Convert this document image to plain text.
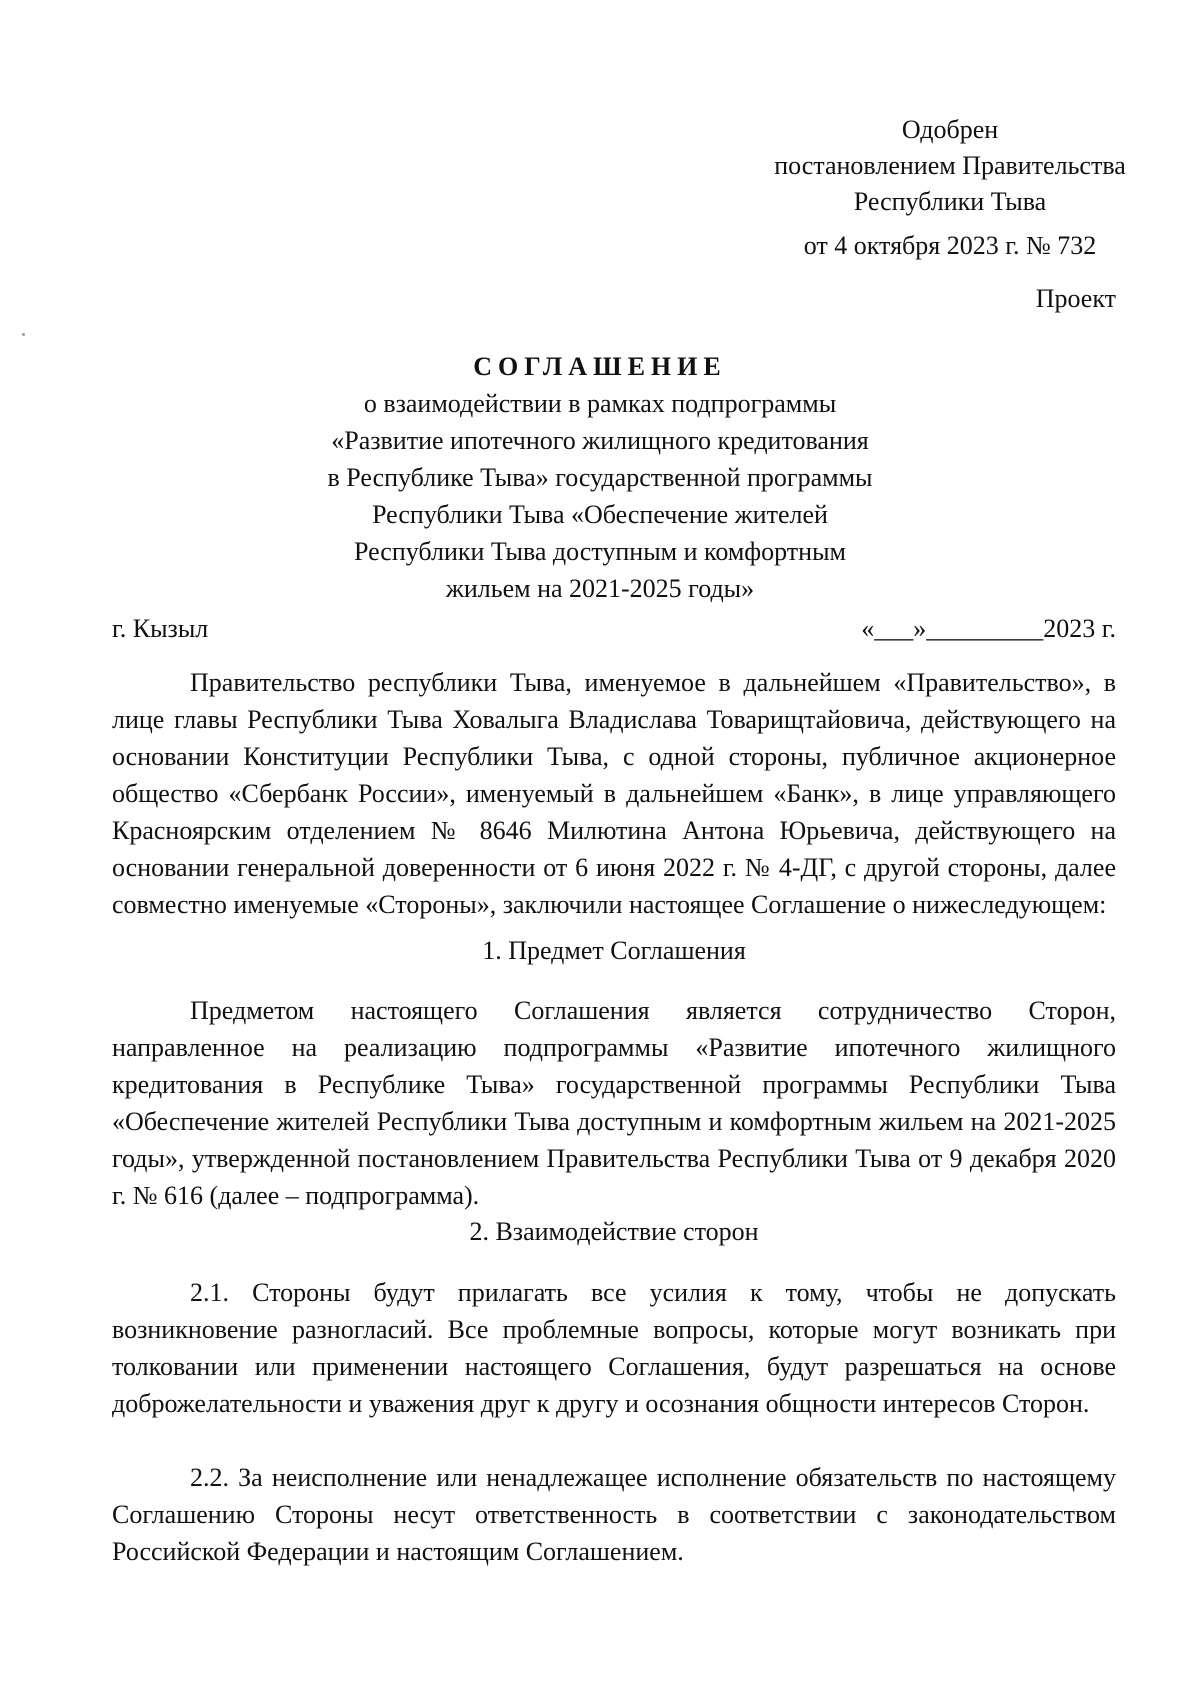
Одобрен
постановлением Правительства
Республики Тыва
от 4 октября 2023 г. № 732
Проект
СОГЛАШЕНИЕ
о взаимодействии в рамках подпрограммы
«Развитие ипотечного жилищного кредитования
в Республике Тыва» государственной программы
Республики Тыва «Обеспечение жителей
Республики Тыва доступным и комфортным
жильем на 2021-2025 годы»
г. Кызыл	«___»_________2023 г.

Правительство республики Тыва, именуемое в дальнейшем «Правительство», в лице главы Республики Тыва Ховалыга Владислава Товарищтайовича, действующего на основании Конституции Республики Тыва, с одной стороны, публичное акционерное общество «Сбербанк России», именуемый в дальнейшем «Банк», в лице управляющего Красноярским отделением № 8646 Милютина Антона Юрьевича, действующего на основании генеральной доверенности от 6 июня 2022 г. № 4-ДГ, с другой стороны, далее совместно именуемые «Стороны», заключили настоящее Соглашение о нижеследующем:

1. Предмет Соглашения

Предметом настоящего Соглашения является сотрудничество Сторон, направленное на реализацию подпрограммы «Развитие ипотечного жилищного кредитования в Республике Тыва» государственной программы Республики Тыва «Обеспечение жителей Республики Тыва доступным и комфортным жильем на 2021-2025 годы», утвержденной постановлением Правительства Республики Тыва от 9 декабря 2020 г. № 616 (далее – подпрограмма).

2. Взаимодействие сторон

2.1. Стороны будут прилагать все усилия к тому, чтобы не допускать возникновение разногласий. Все проблемные вопросы, которые могут возникать при толковании или применении настоящего Соглашения, будут разрешаться на основе доброжелательности и уважения друг к другу и осознания общности интересов Сторон.

2.2. За неисполнение или ненадлежащее исполнение обязательств по настоящему Соглашению Стороны несут ответственность в соответствии с законодательством Российской Федерации и настоящим Соглашением.
